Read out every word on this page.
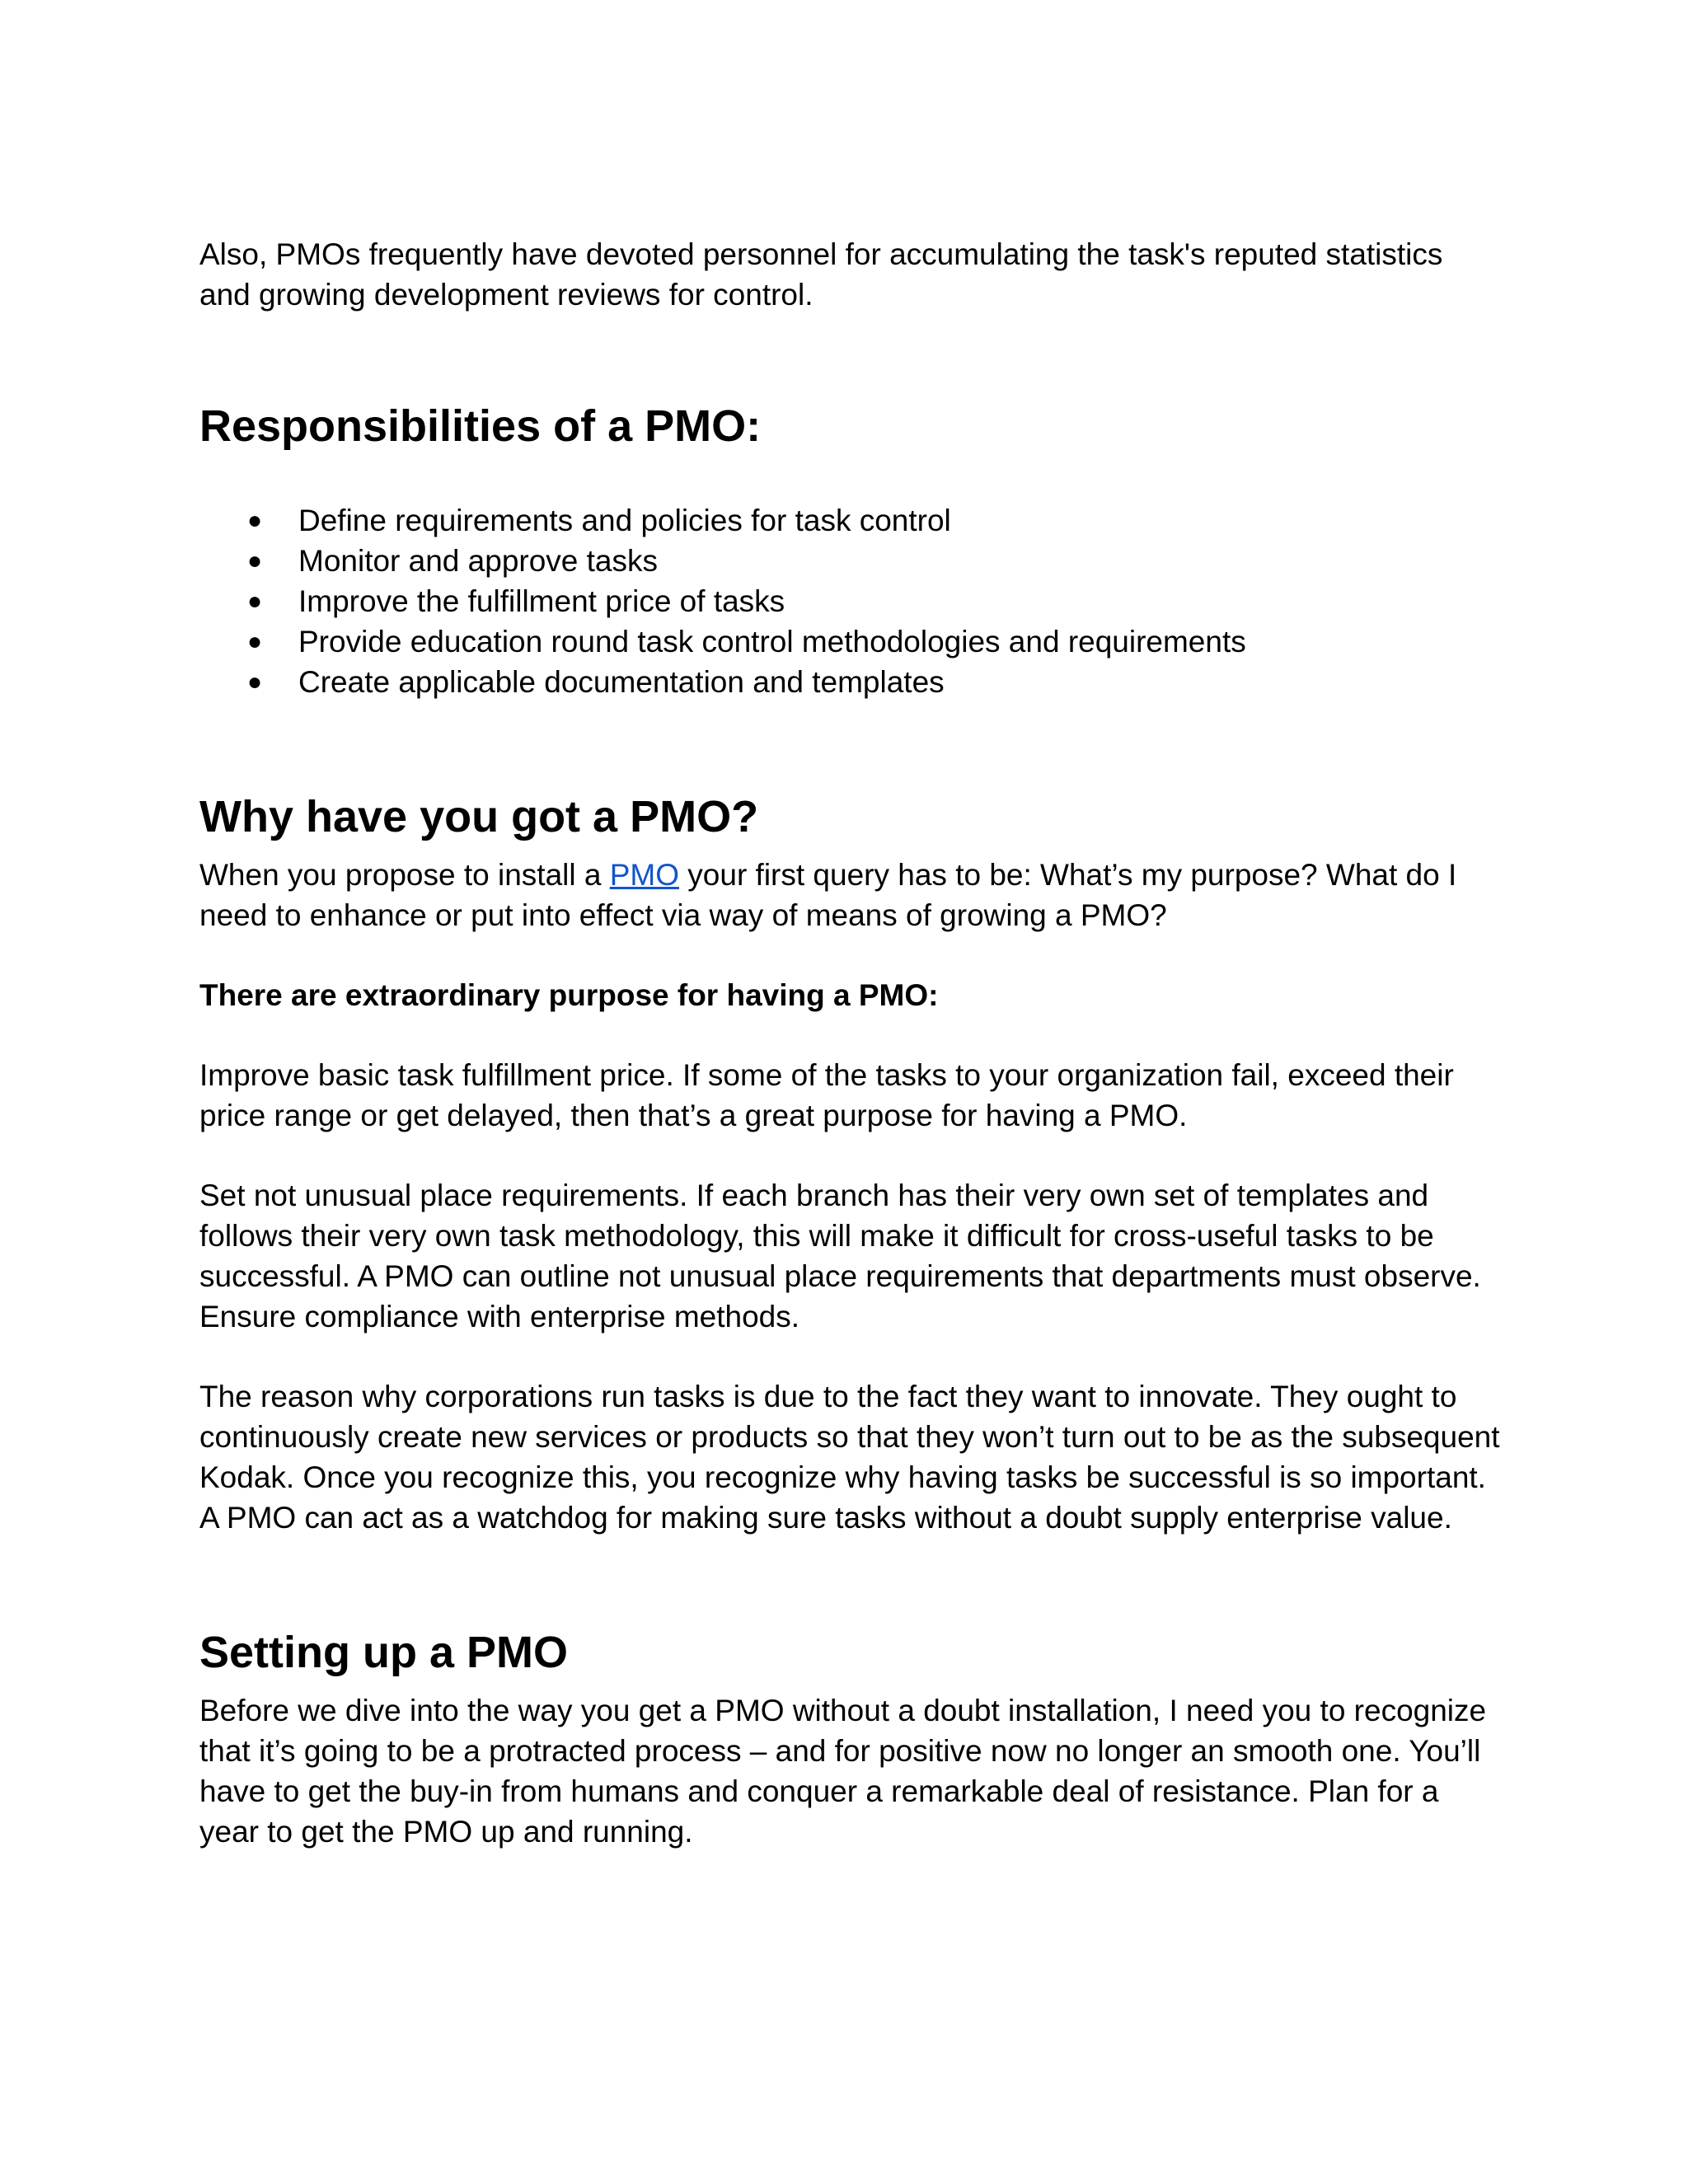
Also, PMOs frequently have devoted personnel for accumulating the task's reputed statistics and growing development reviews for control.

Responsibilities of a PMO:
● Define requirements and policies for task control
● Monitor and approve tasks
● Improve the fulfillment price of tasks
● Provide education round task control methodologies and requirements
● Create applicable documentation and templates
Why have you got a PMO?

When you propose to install a PMO your first query has to be: What’s my purpose? What do I need to enhance or put into effect via way of means of growing a PMO?

There are extraordinary purpose for having a PMO:

Improve basic task fulfillment price. If some of the tasks to your organization fail, exceed their price range or get delayed, then that’s a great purpose for having a PMO.

Set not unusual place requirements. If each branch has their very own set of templates and follows their very own task methodology, this will make it difficult for cross-useful tasks to be successful. A PMO can outline not unusual place requirements that departments must observe. Ensure compliance with enterprise methods.

The reason why corporations run tasks is due to the fact they want to innovate. They ought to continuously create new services or products so that they won’t turn out to be as the subsequent Kodak. Once you recognize this, you recognize why having tasks be successful is so important. A PMO can act as a watchdog for making sure tasks without a doubt supply enterprise value.

Setting up a PMO

Before we dive into the way you get a PMO without a doubt installation, I need you to recognize that it’s going to be a protracted process – and for positive now no longer an smooth one. You’ll have to get the buy-in from humans and conquer a remarkable deal of resistance. Plan for a year to get the PMO up and running.
